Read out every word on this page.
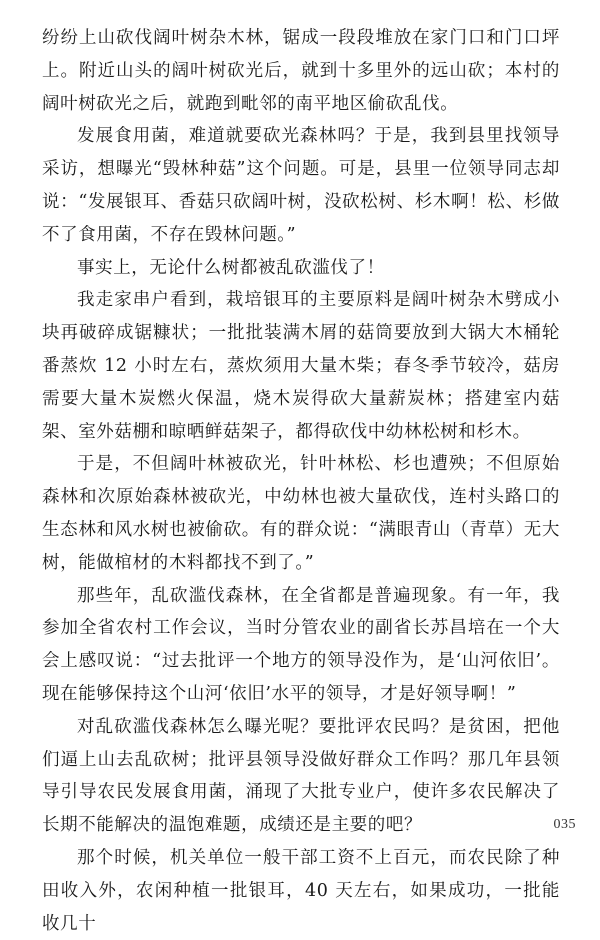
纷纷上山砍伐阔叶树杂木林，锯成一段段堆放在家门口和门口坪上。附近山头的阔叶树砍光后，就到十多里外的远山砍；本村的阔叶树砍光之后，就跑到毗邻的南平地区偷砍乱伐。

发展食用菌，难道就要砍光森林吗？于是，我到县里找领导采访，想曝光“毁林种菇”这个问题。可是，县里一位领导同志却说：“发展银耳、香菇只砍阔叶树，没砍松树、杉木啊！松、杉做不了食用菌，不存在毁林问题。”

事实上，无论什么树都被乱砍滥伐了！

我走家串户看到，栽培银耳的主要原料是阔叶树杂木劈成小块再破碎成锯糠状；一批批装满木屑的菇筒要放到大锅大木桶轮番蒸炊 12 小时左右，蒸炊须用大量木柴；春冬季节较冷，菇房需要大量木炭燃火保温，烧木炭得砍大量薪炭林；搭建室内菇架、室外菇棚和晾晒鲜菇架子，都得砍伐中幼林松树和杉木。

于是，不但阔叶林被砍光，针叶林松、杉也遭殃；不但原始森林和次原始森林被砍光，中幼林也被大量砍伐，连村头路口的生态林和风水树也被偷砍。有的群众说：“满眼青山（青草）无大树，能做棺材的木料都找不到了。”

那些年，乱砍滥伐森林，在全省都是普遍现象。有一年，我参加全省农村工作会议，当时分管农业的副省长苏昌培在一个大会上感叹说：“过去批评一个地方的领导没作为，是‘山河依旧’。现在能够保持这个山河‘依旧’水平的领导，才是好领导啊！”

对乱砍滥伐森林怎么曝光呢？要批评农民吗？是贫困，把他们逼上山去乱砍树；批评县领导没做好群众工作吗？那几年县领导引导农民发展食用菌，涌现了大批专业户，使许多农民解决了长期不能解决的温饱难题，成绩还是主要的吧？

那个时候，机关单位一般干部工资不上百元，而农民除了种田收入外，农闲种植一批银耳，40 天左右，如果成功，一批能收几十

035
